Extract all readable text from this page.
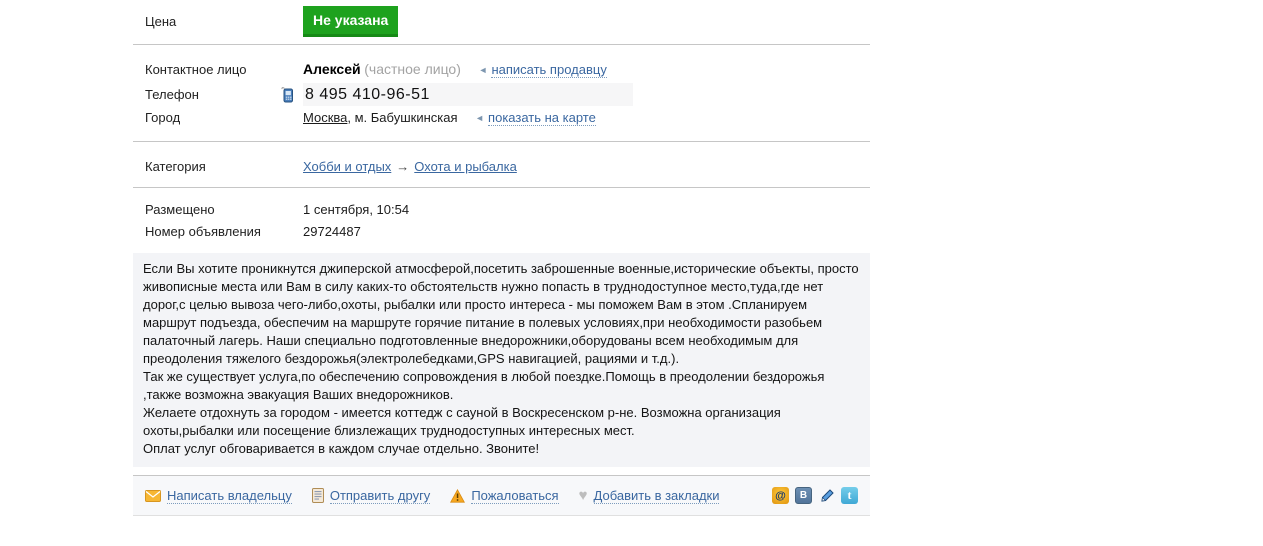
Цена	Не указана
Контактное лицо	Алексей (частное лицо) ◄ написать продавцу
Телефон	8 495 410-96-51
Город	Москва, м. Бабушкинская ◄ показать на карте
Категория	Хобби и отдых → Охота и рыбалка
Размещено	1 сентября, 10:54
Номер объявления	29724487

Если Вы хотите проникнутся джиперской атмосферой,посетить заброшенные военные,исторические объекты, просто живописные места или Вам в силу каких-то обстоятельств нужно попасть в труднодоступное место,туда,где нет дорог,с целью вывоза чего-либо,охоты, рыбалки или просто интереса - мы поможем Вам в этом .Спланируем маршрут подъезда, обеспечим на маршруте горячие питание в полевых условиях,при необходимости разобьем палаточный лагерь. Наши специально подготовленные внедорожники,оборудованы всем необходимым для преодоления тяжелого бездорожья(электролебедками,GPS навигацией, рациями и т.д.).

Так же существует услуга,по обеспечению сопровождения в любой поездке.Помощь в преодолении бездорожья ,также возможна эвакуация Ваших внедорожников.

Желаете отдохнуть за городом - имеется коттедж с сауной в Воскресенском р-не. Возможна организация охоты,рыбалки или посещение близлежащих труднодоступных интересных мест.

Оплат услуг обговаривается в каждом случае отдельно. Звоните!

Написать владельцу	Отправить другу	Пожаловаться ♥ Добавить в закладки	@	В	t
